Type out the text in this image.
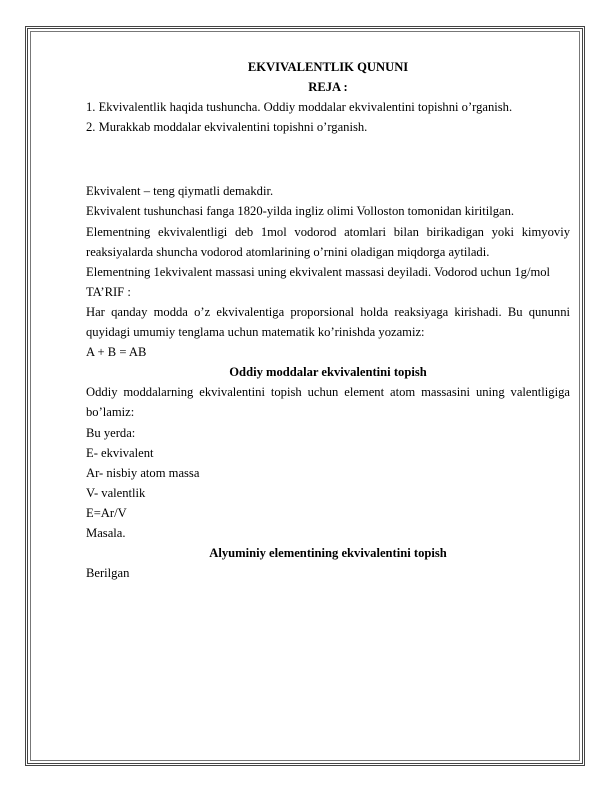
EKVIVALENTLIK QUNUNI

REJA :

1. Ekvivalentlik haqida tushuncha. Oddiy moddalar ekvivalentini topishni o’rganish.

2. Murakkab moddalar ekvivalentini topishni o’rganish.

Ekvivalent – teng qiymatli demakdir.

Ekvivalent tushunchasi fanga 1820-yilda ingliz olimi Volloston tomonidan kiritilgan.

Elementning ekvivalentligi deb 1mol vodorod atomlari bilan birikadigan yoki kimyoviy reaksiyalarda shuncha vodorod atomlarining o’rnini oladigan miqdorga aytiladi.

Elementning 1ekvivalent massasi uning ekvivalent massasi deyiladi. Vodorod uchun 1g/mol

TA’RIF :

Har qanday modda o’z ekvivalentiga proporsional holda reaksiyaga kirishadi. Bu qununni quyidagi umumiy tenglama uchun matematik ko’rinishda yozamiz:

A + B = AB

Oddiy moddalar ekvivalentini topish

Oddiy moddalarning ekvivalentini topish uchun element atom massasini uning valentligiga bo’lamiz:

Bu yerda:

E- ekvivalent

Ar- nisbiy atom massa

V- valentlik

E=Ar/V

Masala.

Alyuminiy elementining ekvivalentini topish

Berilgan
